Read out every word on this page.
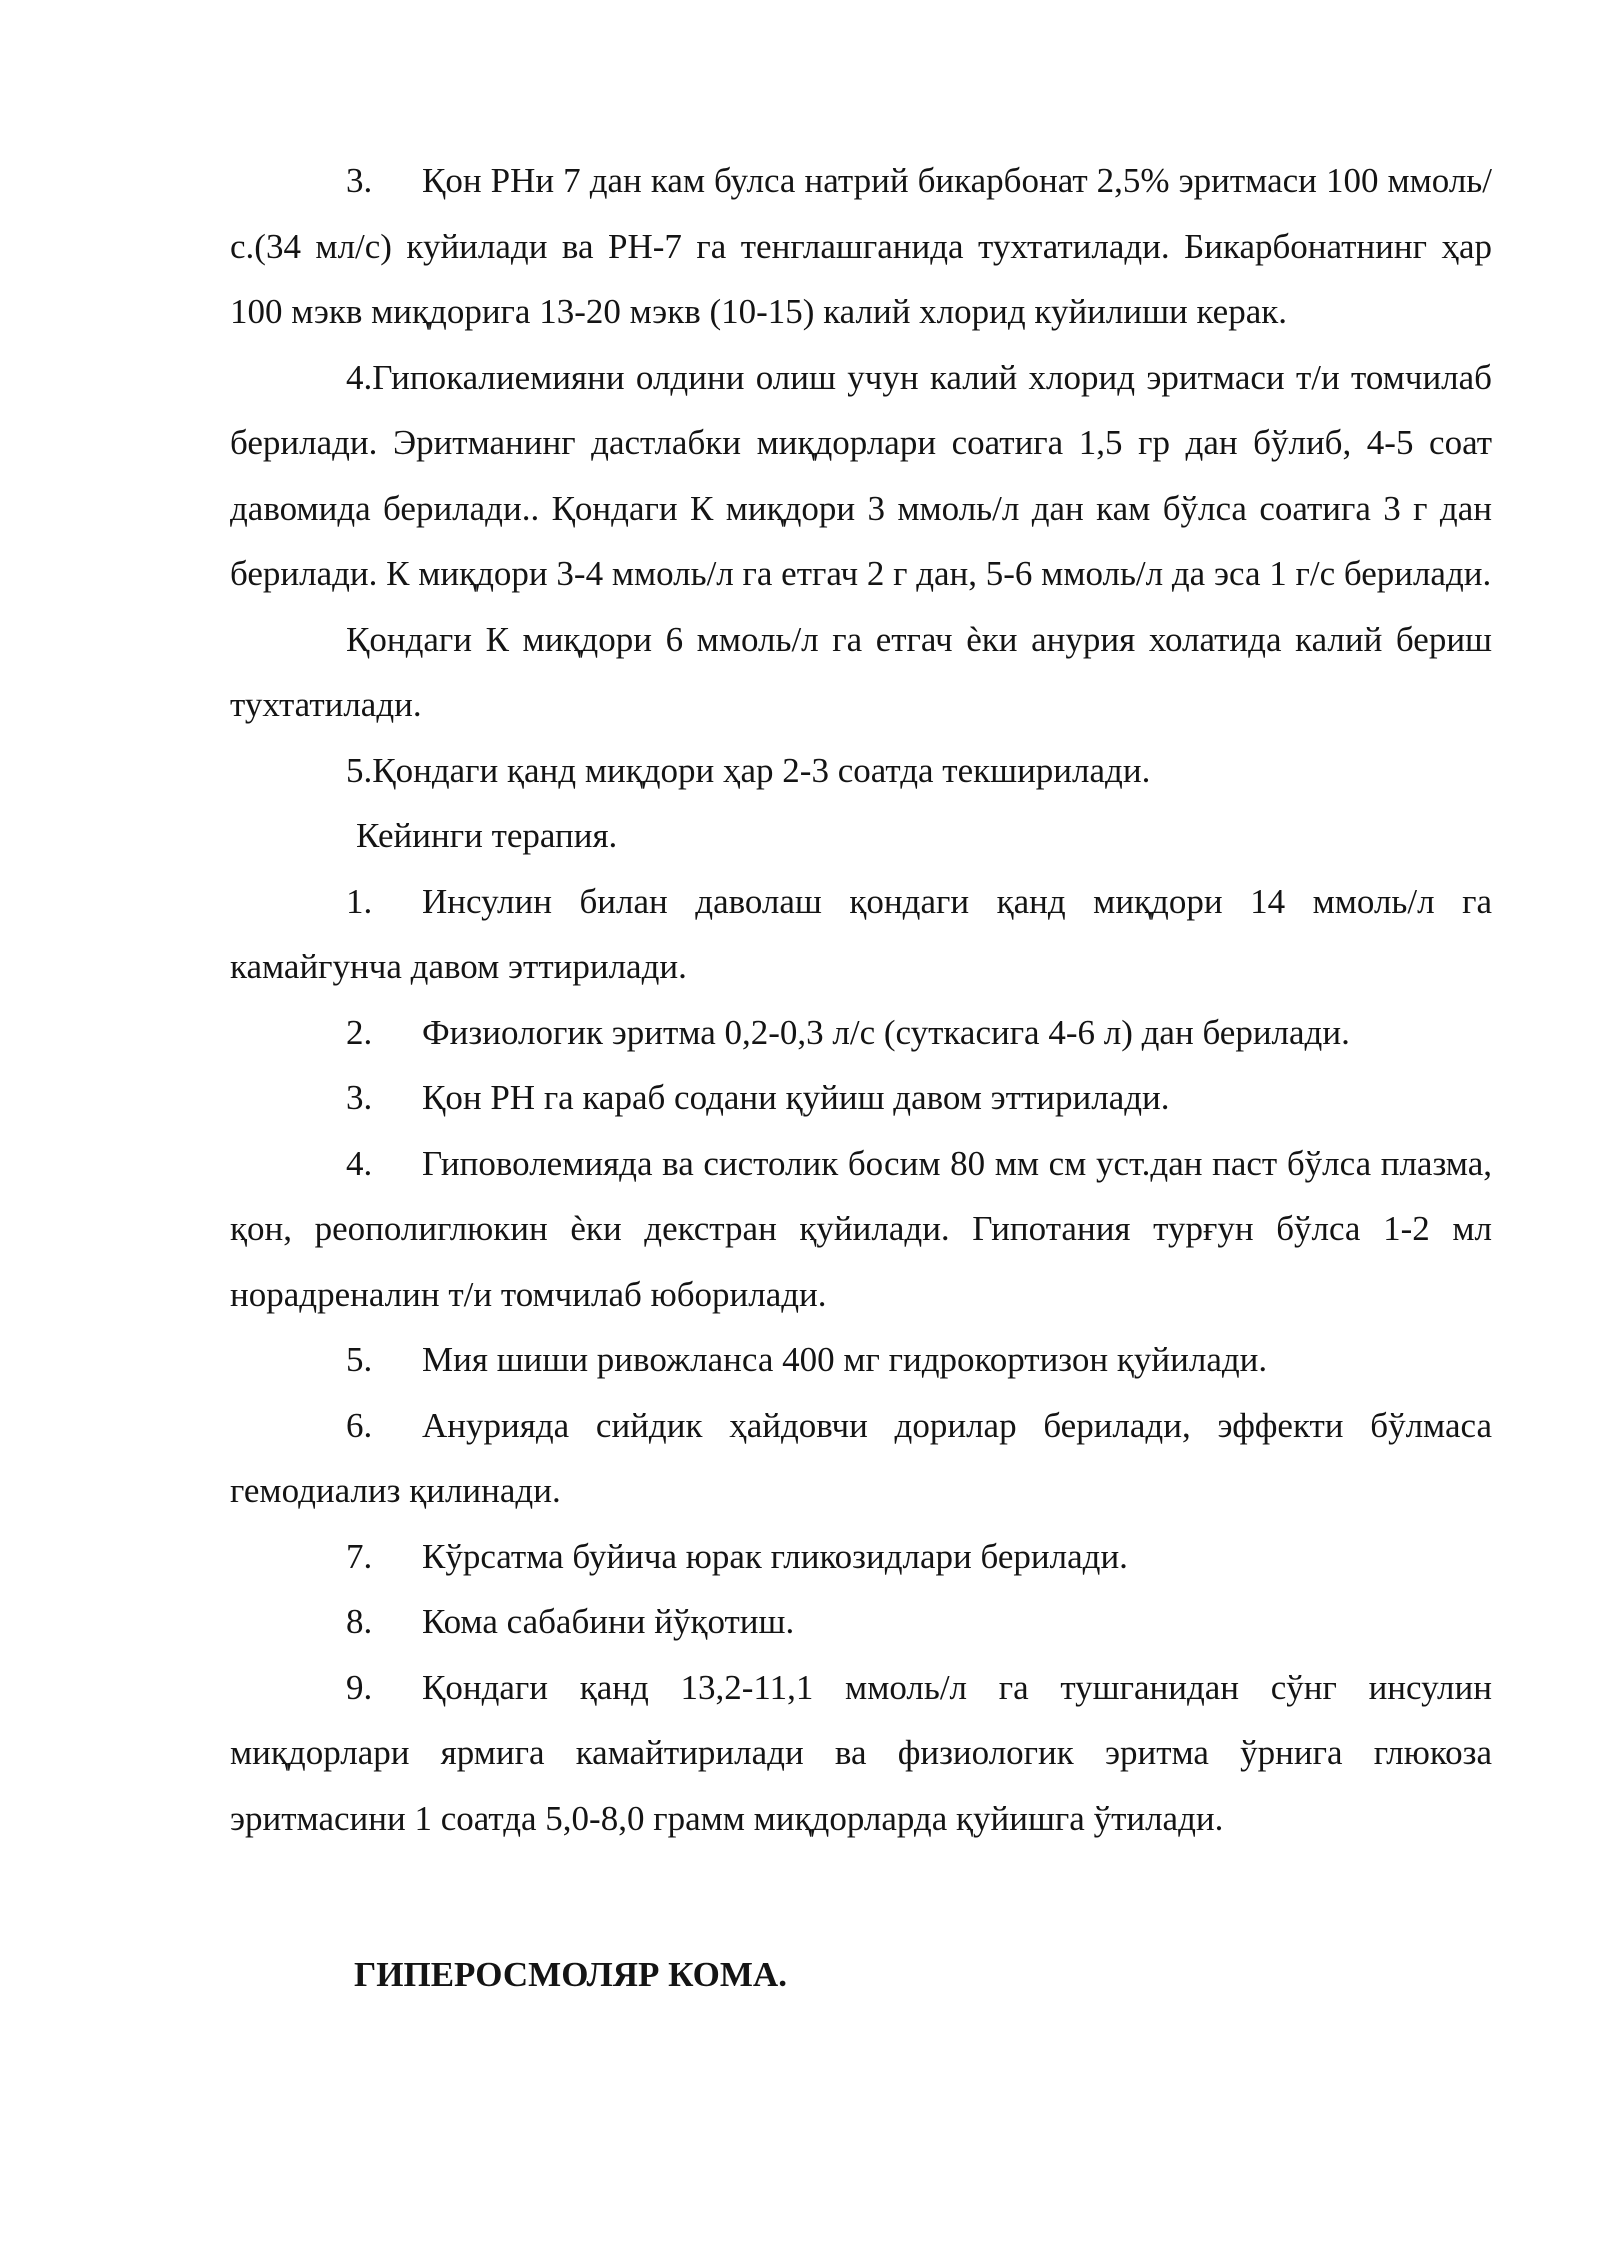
3. Қон РНи 7 дан кам булса натрий бикарбонат 2,5% эритмаси 100 ммоль/с.(34 мл/с) куйилади ва РН-7 га тенглашганида тухтатилади. Бикарбонатнинг ҳар 100 мэкв миқдорига 13-20 мэкв (10-15) калий хлорид куйилиши керак.

4.Гипокалиемияни олдини олиш учун калий хлорид эритмаси т/и томчилаб берилади. Эритманинг дастлабки миқдорлари соатига 1,5 гр дан бўлиб, 4-5 соат давомида берилади.. Қондаги К миқдори 3 ммоль/л дан кам бўлса соатига 3 г дан берилади. К миқдори 3-4 ммоль/л га етгач 2 г дан, 5-6 ммоль/л да эса 1 г/с берилади.

Қондаги К миқдори 6 ммоль/л га етгач èки анурия холатида калий бериш тухтатилади.

5.Қондаги қанд миқдори ҳар 2-3 соатда текширилади.

Кейинги терапия.

1. Инсулин билан даволаш қондаги қанд миқдори 14 ммоль/л га камайгунча давом эттирилади.

2. Физиологик эритма 0,2-0,3 л/с (суткасига 4-6 л) дан берилади.

3. Қон РН га караб содани қуйиш давом эттирилади.

4. Гиповолемияда ва систолик босим 80 мм см уст.дан паст бўлса плазма, қон, реополиглюкин èки декстран қуйилади. Гипотания турғун бўлса 1-2 мл норадреналин т/и томчилаб юборилади.

5. Мия шиши ривожланса 400 мг гидрокортизон қуйилади.

6. Анурияда сийдик ҳайдовчи дорилар берилади, эффекти бўлмаса гемодиализ қилинади.

7. Кўрсатма буйича юрак гликозидлари берилади.

8. Кома сабабини йўқотиш.

9. Қондаги қанд 13,2-11,1 ммоль/л га тушганидан сўнг инсулин миқдорлари ярмига камайтирилади ва физиологик эритма ўрнига глюкоза эритмасини 1 соатда 5,0-8,0 грамм миқдорларда қуйишга ўтилади.

ГИПЕРОСМОЛЯР КОМА.
